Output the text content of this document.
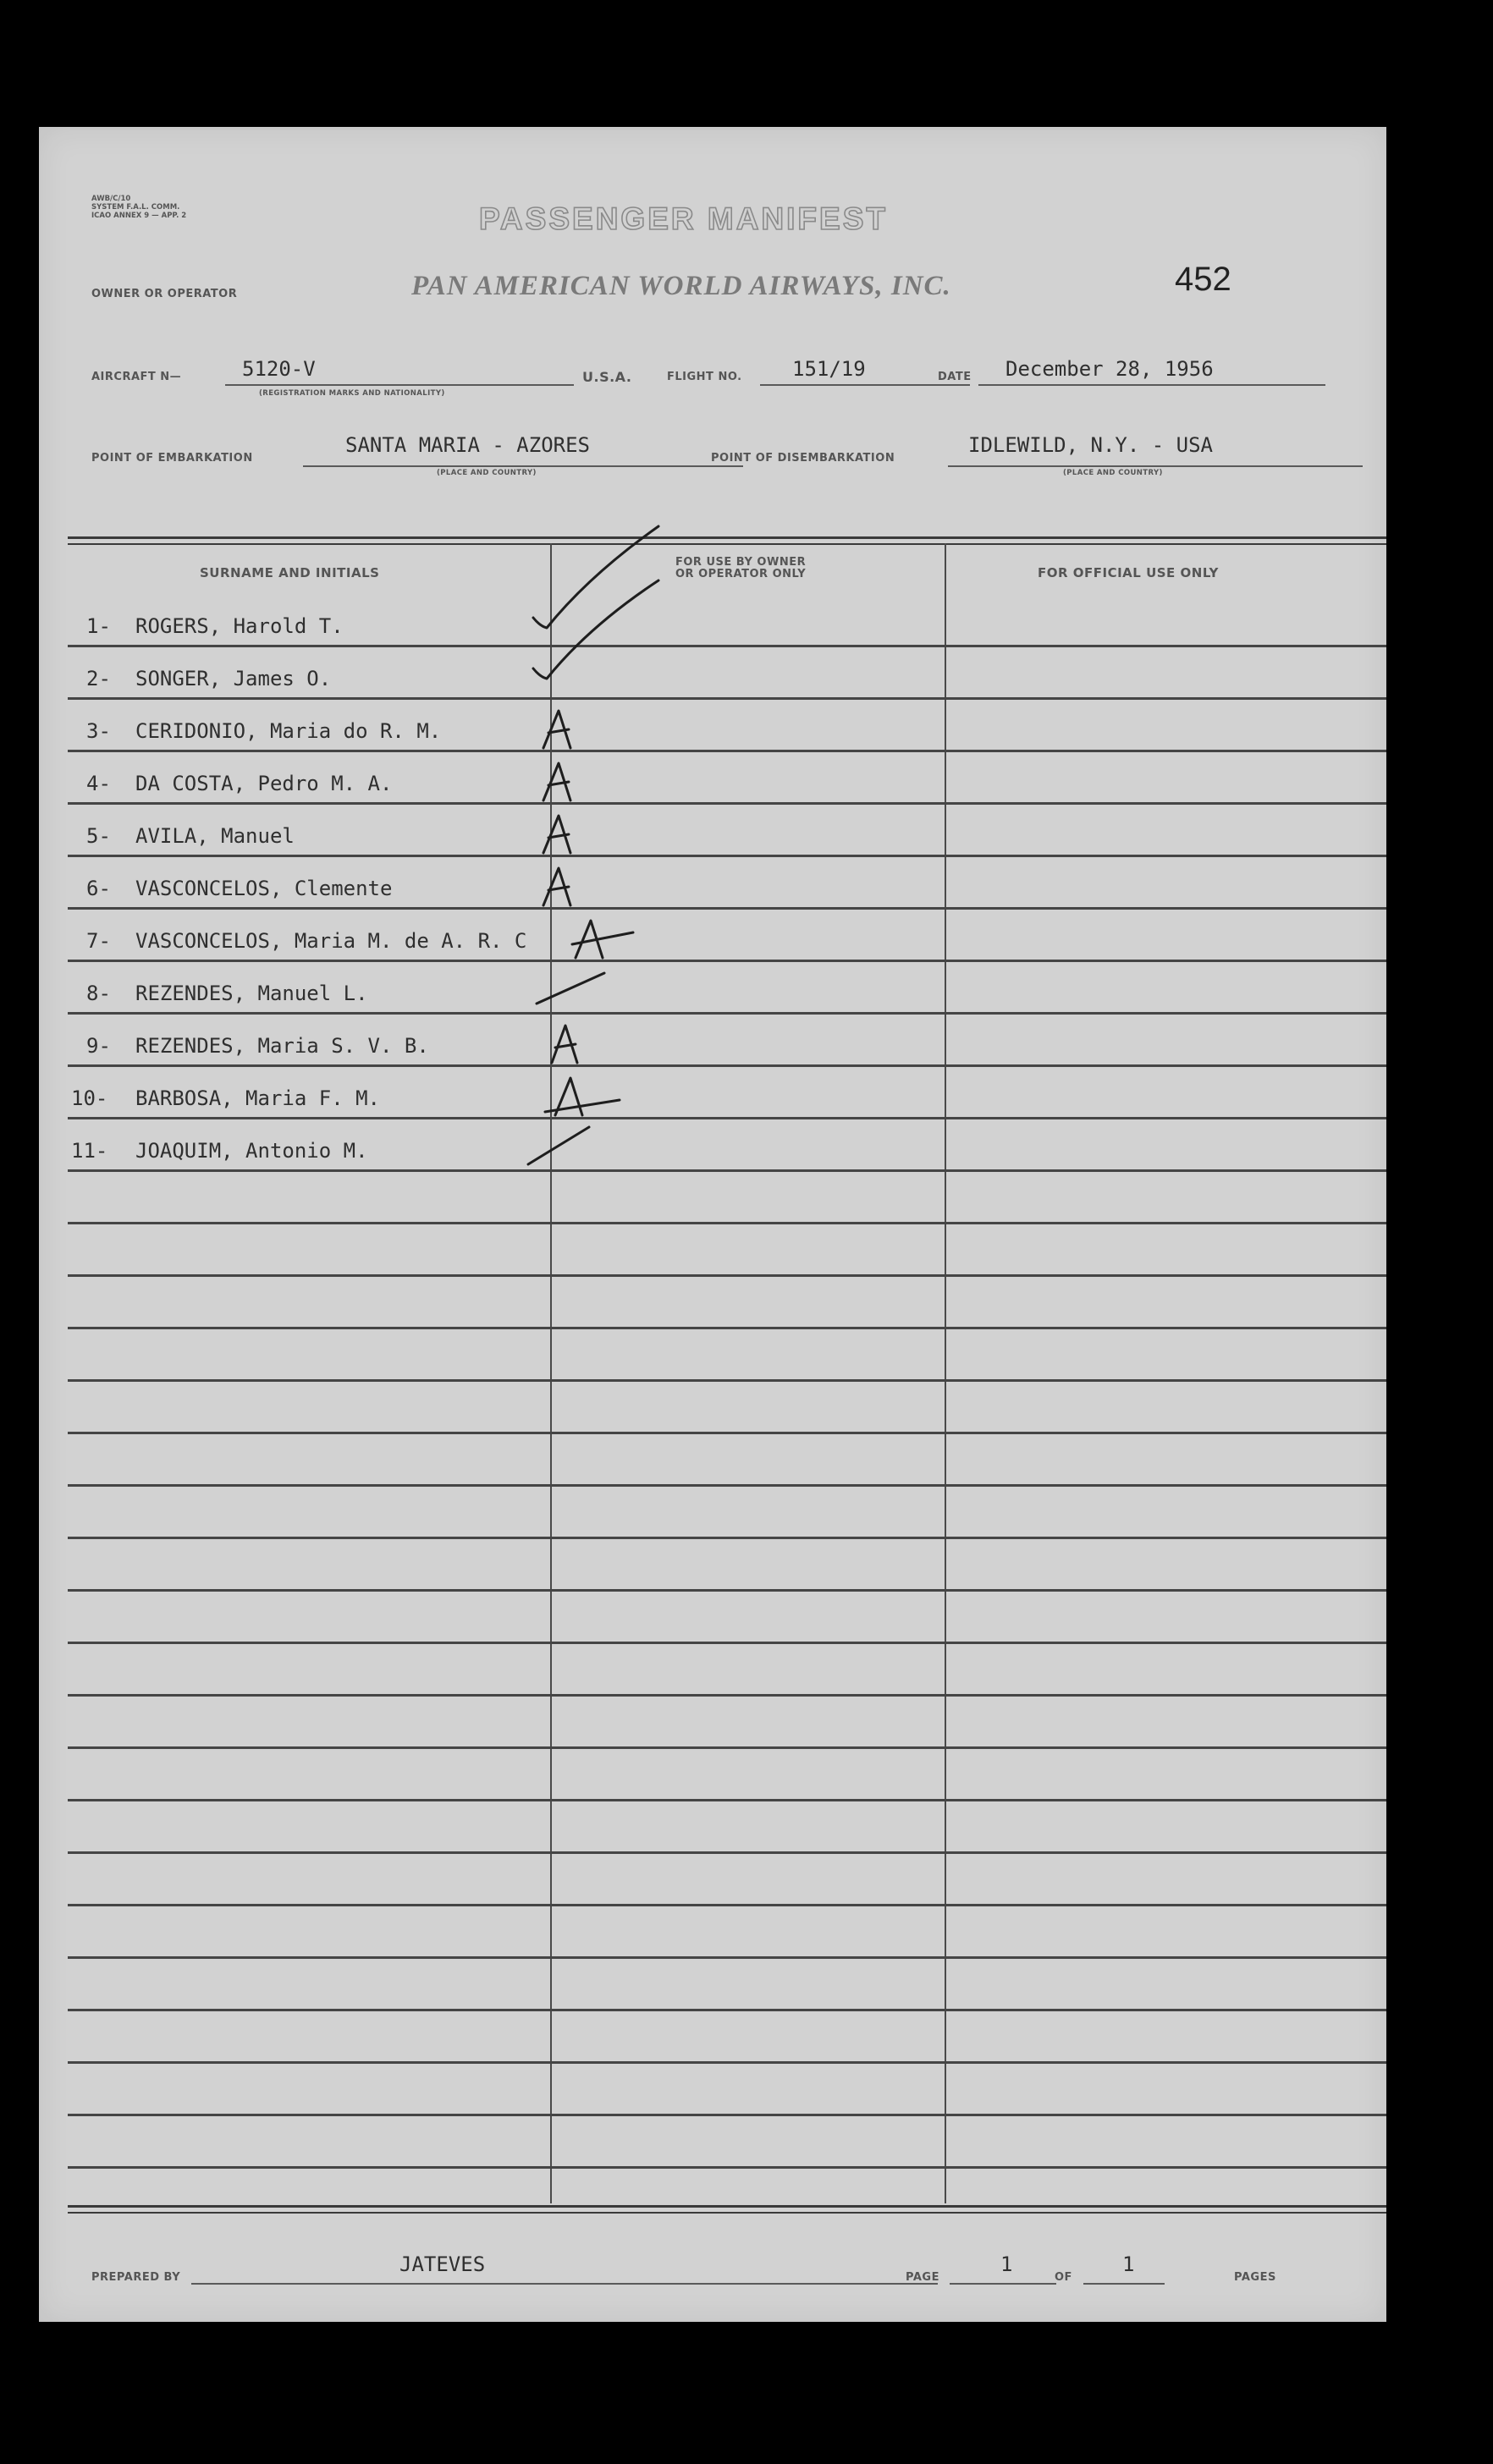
AWB/C/10
SYSTEM F.A.L. COMM.
ICAO ANNEX 9 — APP. 2	PASSENGER MANIFEST
452
OWNER OR OPERATOR	PAN AMERICAN WORLD AIRWAYS, INC.
AIRCRAFT N—	5120-V
(REGISTRATION MARKS AND NATIONALITY)
U.S.A.	FLIGHT NO. 151/19	DATE December 28, 1956
POINT OF EMBARKATION
SANTA MARIA - AZORES
(PLACE AND COUNTRY)
POINT OF DISEMBARKATION
IDLEWILD, N.Y. - USA
(PLACE AND COUNTRY)
SURNAME AND INITIALS
FOR USE BY OWNER
OR OPERATOR ONLY	FOR OFFICIAL USE ONLY
1- ROGERS, Harold T.
2- SONGER, James O.
3- CERIDONIO, Maria do R. M.
4- DA COSTA, Pedro M. A.
5- AVILA, Manuel
6- VASCONCELOS, Clemente
7- VASCONCELOS, Maria M. de A. R. C
8- REZENDES, Manuel L.
9- REZENDES, Maria S. V. B.
10- BARBOSA, Maria F. M.
11- JOAQUIM, Antonio M.
PREPARED BY
JATEVES
PAGE
1
OF
1
PAGES
